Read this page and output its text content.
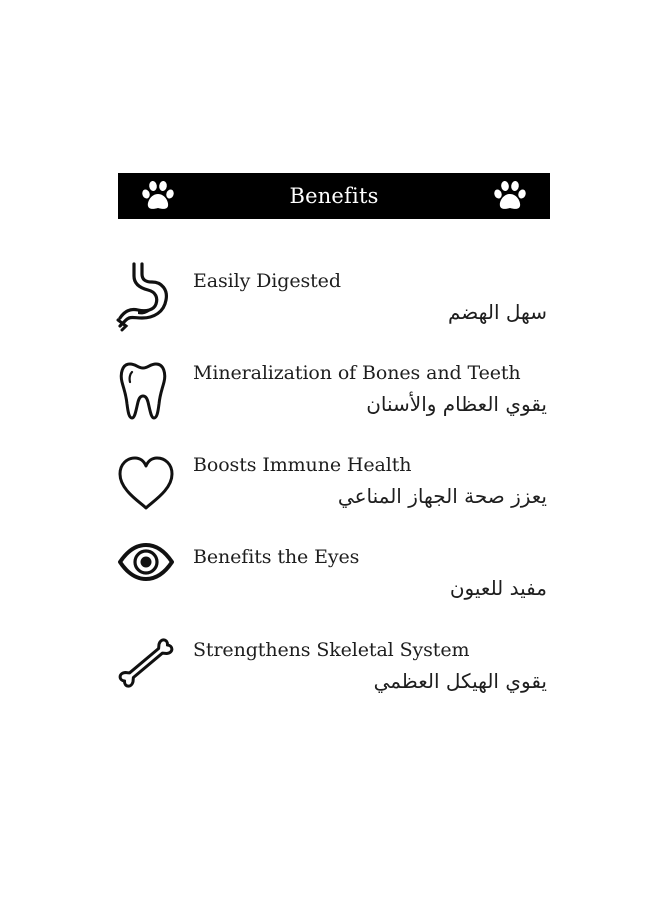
Benefits
Easily Digested
سهل الهضم
Mineralization of Bones and Teeth
يقوي العظام والأسنان
Boosts Immune Health
يعزز صحة الجهاز المناعي
Benefits the Eyes
مفيد للعيون
Strengthens Skeletal System
يقوي الهيكل العظمي
